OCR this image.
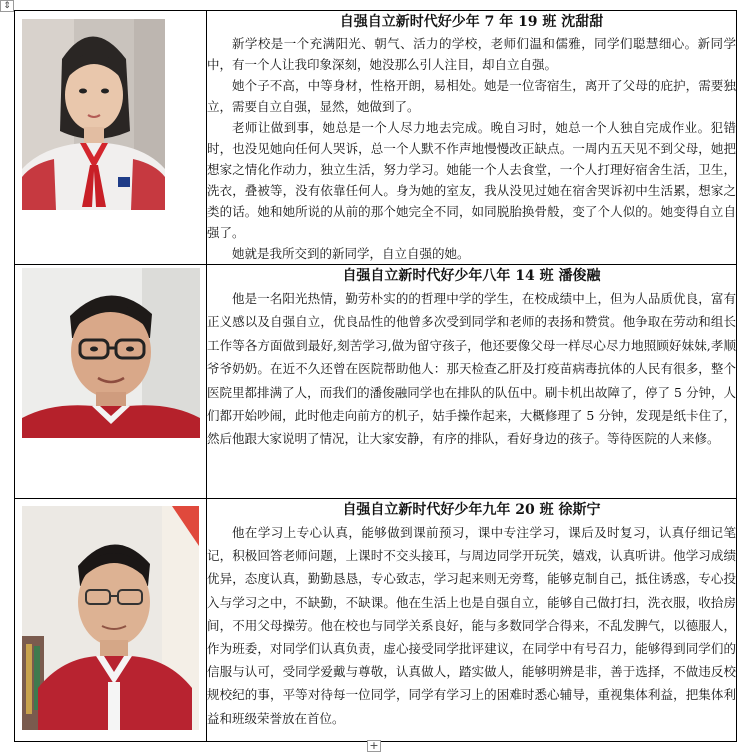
⇕

自强自立新时代好少年 7 年 19 班 沈甜甜

新学校是一个充满阳光、朝气、活力的学校，老师们温和儒雅，同学们聪慧细心。新同学中，有一个人让我印象深刻，她没那么引人注目，却自立自强。

她个子不高，中等身材，性格开朗，易相处。她是一位寄宿生，离开了父母的庇护，需要独立，需要自立自强，显然，她做到了。

老师让做到事，她总是一个人尽力地去完成。晚自习时，她总一个人独自完成作业。犯错时，也没见她向任何人哭诉，总一个人默不作声地慢慢改正缺点。一周内五天见不到父母，她把想家之情化作动力，独立生活，努力学习。她能一个人去食堂，一个人打理好宿舍生活，卫生，洗衣，叠被等，没有依靠任何人。身为她的室友，我从没见过她在宿舍哭诉初中生活累，想家之类的话。她和她所说的从前的那个她完全不同，如同脱胎换骨般，变了个人似的。她变得自立自强了。

她就是我所交到的新同学，自立自强的她。

自强自立新时代好少年八年 14 班 潘俊融

他是一名阳光热情，勤劳朴实的的哲理中学的学生，在校成绩中上，但为人品质优良，富有正义感以及自强自立，优良品性的他曾多次受到同学和老师的表扬和赞赏。他争取在劳动和组长工作等各方面做到最好,刻苦学习,做为留守孩子，他还要像父母一样尽心尽力地照顾好妹妹,孝顺爷爷奶奶。在近不久还曾在医院帮助他人：那天检查乙肝及打疫苗病毒抗体的人民有很多，整个医院里都排满了人，而我们的潘俊融同学也在排队的队伍中。刷卡机出故障了，停了 5 分钟，人们都开始吵闹，此时他走向前方的机子，姑手操作起来，大概修理了 5 分钟，发现是纸卡住了，然后他跟大家说明了情况，让大家安静，有序的排队，看好身边的孩子。等待医院的人来修。

自强自立新时代好少年九年 20 班 徐斯宁

他在学习上专心认真，能够做到课前预习，课中专注学习，课后及时复习，认真仔细记笔记，积极回答老师问题，上课时不交头接耳，与周边同学开玩笑，嬉戏，认真听讲。他学习成绩优异，态度认真，勤勤恳恳，专心致志，学习起来则无旁骛，能够克制自己，抵住诱惑，专心投入与学习之中，不缺勤，不缺课。他在生活上也是自强自立，能够自己做打扫，洗衣服，收拾房间，不用父母操劳。他在校也与同学关系良好，能与多数同学合得来，不乱发脾气，以德服人，作为班委，对同学们认真负责，虚心接受同学批评建议，在同学中有号召力，能够得到同学们的信服与认可，受同学爱戴与尊敬，认真做人，踏实做人，能够明辨是非，善于选择，不做违反校规校纪的事，平等对待每一位同学，同学有学习上的困难时悉心辅导，重视集体利益，把集体利益和班级荣誉放在首位。

+
